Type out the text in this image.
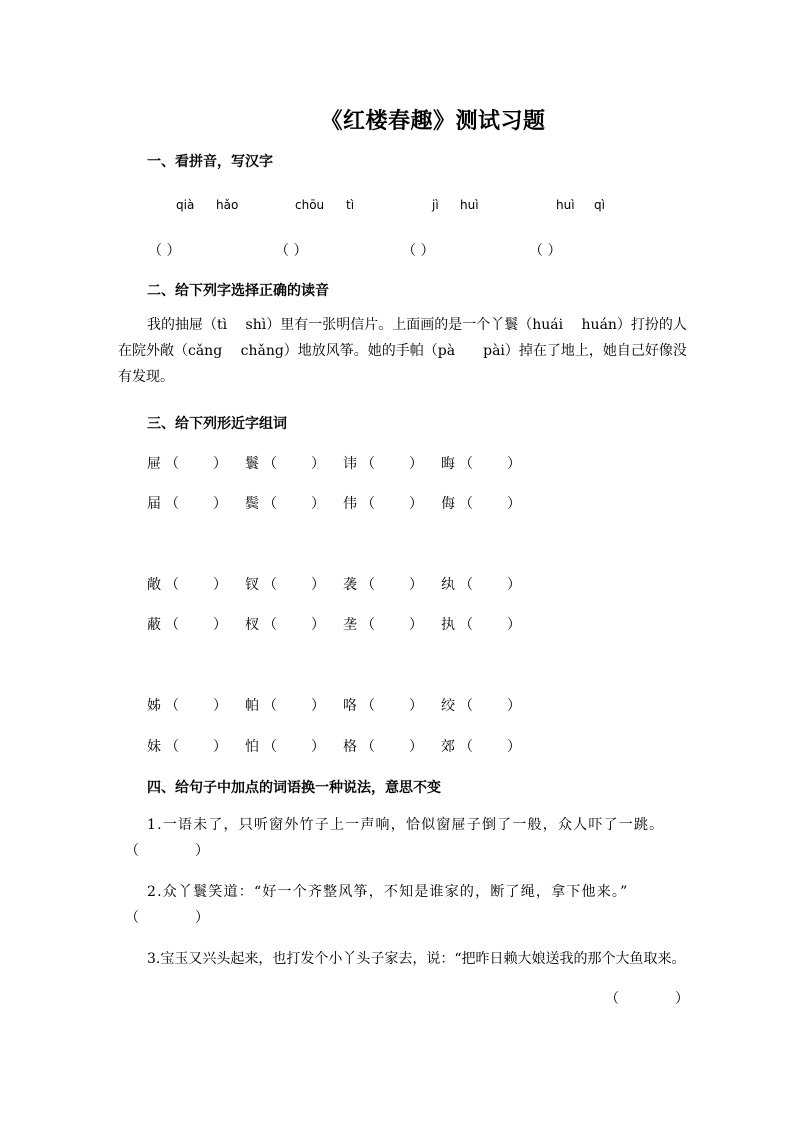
《红楼春趣》测试习题
一、看拼音，写汉字
qià hǎo	chōu tì	jì huì	huì qì
（ ）	（ ）	（ ）	（ ）
二、给下列字选择正确的读音
我的抽屉（tì　 shì）里有一张明信片。上面画的是一个丫鬟（huái　 huán）打扮的人在院外敞（cǎng　 chǎng）地放风筝。她的手帕（pà　　pài）掉在了地上，她自己好像没有发现。
三、给下列形近字组词
屉 （　　） 鬟 （　　） 讳 （　　） 晦 （　　）
届 （　　） 鬓 （　　） 伟 （　　） 侮 （　　）
敞 （　　） 钗 （　　） 袭 （　　） 纨 （　　）
蔽 （　　） 杈 （　　） 垄 （　　） 执 （　　）
姊 （　　） 帕 （　　） 咯 （　　） 绞 （　　）
妹 （　　） 怕 （　　） 格 （　　） 郊 （　　）
四、给句子中加点的词语换一种说法，意思不变
1.一语未了，只听窗外竹子上一声响，恰似窗屉子倒了一般，众人吓了一跳。
（　　　　）
2.众丫鬟笑道：“好一个齐整风筝，不知是谁家的，断了绳，拿下他来。”
（　　　　）
3.宝玉又兴头起来，也打发个小丫头子家去，说：“把昨日赖大娘送我的那个大鱼取来。
（　　　　）
